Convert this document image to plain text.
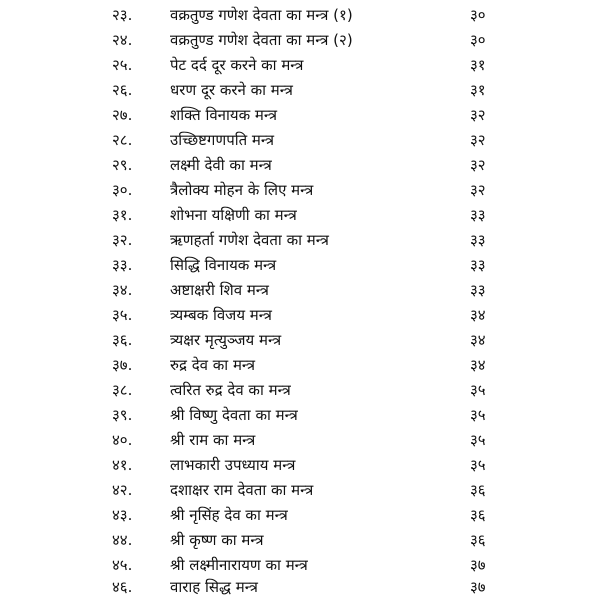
२३.	वक्रतुण्ड गणेश देवता का मन्त्र (१)	३०
२४.	वक्रतुण्ड गणेश देवता का मन्त्र (२)	३०
२५.	पेट दर्द दूर करने का मन्त्र	३१
२६.	धरण दूर करने का मन्त्र	३१
२७.	शक्ति विनायक मन्त्र	३२
२८.	उच्छिष्टगणपति मन्त्र	३२
२९.	लक्ष्मी देवी का मन्त्र	३२
३०.	त्रैलोक्य मोहन के लिए मन्त्र	३२
३१.	शोभना यक्षिणी का मन्त्र	३३
३२.	ऋणहर्ता गणेश देवता का मन्त्र	३३
३३.	सिद्धि विनायक मन्त्र	३३
३४.	अष्टाक्षरी शिव मन्त्र	३३
३५.	त्र्यम्बक विजय मन्त्र	३४
३६.	त्र्यक्षर मृत्युञ्जय मन्त्र	३४
३७.	रुद्र देव का मन्त्र	३४
३८.	त्वरित रुद्र देव का मन्त्र	३५
३९.	श्री विष्णु देवता का मन्त्र	३५
४०.	श्री राम का मन्त्र	३५
४१.	लाभकारी उपध्याय मन्त्र	३५
४२.	दशाक्षर राम देवता का मन्त्र	३६
४३.	श्री नृसिंह देव का मन्त्र	३६
४४.	श्री कृष्ण का मन्त्र	३६
४५.	श्री लक्ष्मीनारायण का मन्त्र	३७
४६.	वाराह सिद्ध मन्त्र	३७
